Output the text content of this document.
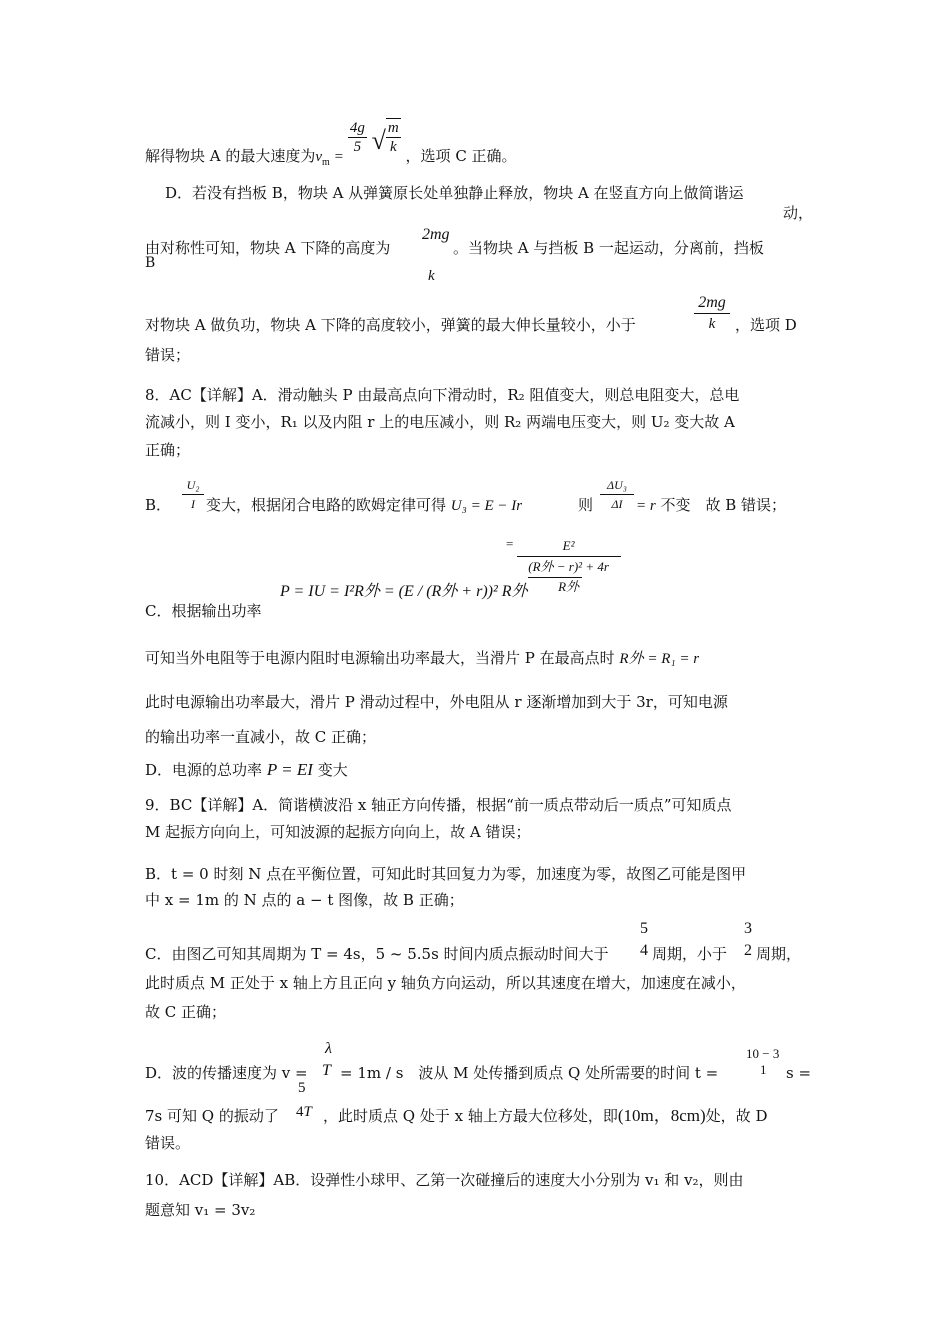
解得物块 A 的最大速度为$v_m$ =
$\frac{4g}{5}$ √ $\frac{m}{k}$ ，选项 C 正确。
D．若没有挡板 B，物块 A 从弹簧原长处单独静止释放，物块 A 在竖直方向上做简谐运
动，
由对称性可知，物块 A 下降的高度为
B
2mg
k
。当物块 A 与挡板 B 一起运动，分离前，挡板
对物块 A 做负功，物块 A 下降的高度较小，弹簧的最大伸长量较小，小于
2mg
k	，选项 D
错误；
8．AC【详解】A．滑动触头 P 由最高点向下滑动时，R₂ 阻值变大，则总电阻变大，总电
流减小，则 I 变小，R₁ 以及内阻 r 上的电压减小，则 R₂ 两端电压变大，则 U₂ 变大故 A
正确；
B．
U₂
I 变大，根据闭合电路的欧姆定律可得 U₃ = E − Ir	则
ΔU₃
ΔI = r 不变　故 B 错误；
C．根据输出功率
P = IU = I²R外 = (E / (R外 + r))² R外
=	E²
(R外 − r)² + 4r
R外
可知当外电阻等于电源内阻时电源输出功率最大，当滑片 P 在最高点时 R外 = R₁ = r
此时电源输出功率最大，滑片 P 滑动过程中，外电阻从 r 逐渐增加到大于 3r，可知电源
的输出功率一直减小，故 C 正确；
D．电源的总功率 P = EI 变大
9．BC【详解】A．简谐横波沿 x 轴正方向传播，根据“前一质点带动后一质点”可知质点
M 起振方向向上，可知波源的起振方向向上，故 A 错误；
B．t = 0 时刻 N 点在平衡位置，可知此时其回复力为零，加速度为零，故图乙可能是图甲
中 x = 1m 的 N 点的 a − t 图像，故 B 正确；
C．由图乙可知其周期为 T = 4s，5 ~ 5.5s 时间内质点振动时间大于
5
4 周期，小于
3
2 周期，
此时质点 M 正处于 x 轴上方且正向 y 轴负方向运动，所以其速度在增大，加速度在减小，
故 C 正确；
D．波的传播速度为 v =
λ
T = 1m / s　波从 M 处传播到质点 Q 处所需要的时间 t =
10 − 3
1 s =
7s 可知 Q 的振动了
5
4T ，此时质点 Q 处于 x 轴上方最大位移处，即(10m，8cm)处，故 D
错误。
10．ACD【详解】AB．设弹性小球甲、乙第一次碰撞后的速度大小分别为 v₁ 和 v₂，则由
题意知 v₁ = 3v₂
